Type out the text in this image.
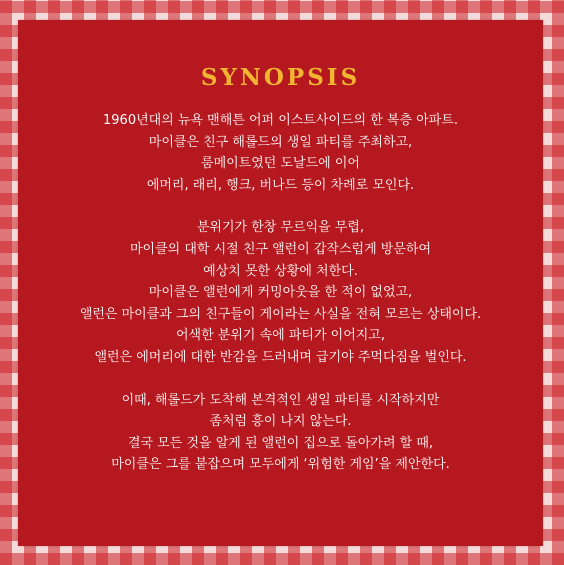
SYNOPSIS

1960년대의 뉴욕 맨해튼 어퍼 이스트사이드의 한 복층 아파트.
마이클은 친구 해롤드의 생일 파티를 주최하고,
룸메이트였던 도날드에 이어
에머리, 래리, 행크, 버나드 등이 차례로 모인다.

분위기가 한창 무르익을 무렵,
마이클의 대학 시절 친구 앨런이 갑작스럽게 방문하여
예상치 못한 상황에 처한다.
마이클은 앨런에게 커밍아웃을 한 적이 없었고,
앨런은 마이클과 그의 친구들이 게이라는 사실을 전혀 모르는 상태이다.
어색한 분위기 속에 파티가 이어지고,
앨런은 에머리에 대한 반감을 드러내며 급기야 주먹다짐을 벌인다.

이때, 해롤드가 도착해 본격적인 생일 파티를 시작하지만
좀처럼 흥이 나지 않는다.
결국 모든 것을 알게 된 앨런이 집으로 돌아가려 할 때,
마이클은 그를 붙잡으며 모두에게 ‘위험한 게임’을 제안한다.
